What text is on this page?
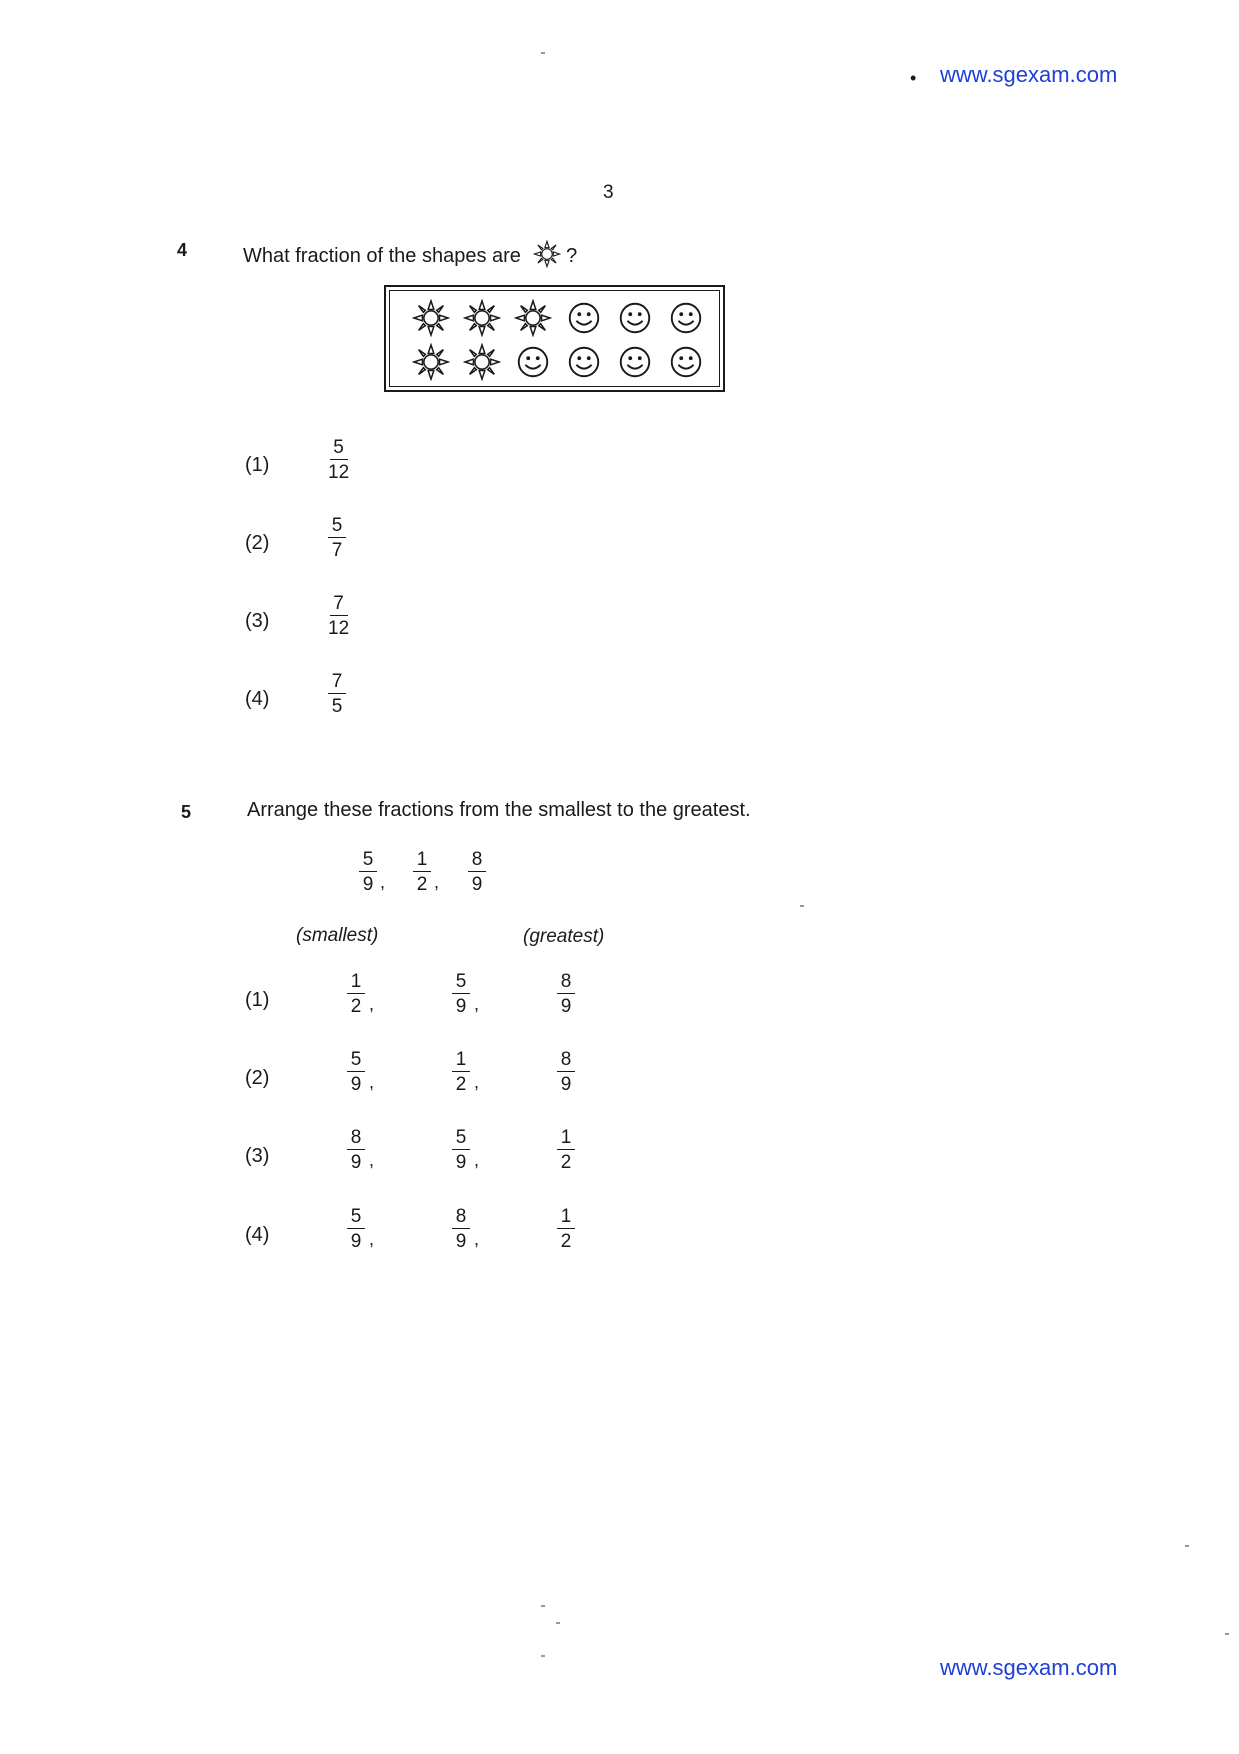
• www.sgexam.com
3
4	What fraction of the shapes are ?
(1)	$\frac{5}{12}$
(2)	$\frac{5}{7}$
(3)	$\frac{7}{12}$
(4)	$\frac{7}{5}$
5	Arrange these fractions from the smallest to the greatest.
$\frac{5}{9}$ , $\frac{1}{2}$ , $\frac{8}{9}$
(smallest)	(greatest)
(1)	$\frac{1}{2}$ ,	$\frac{5}{9}$ ,	$\frac{8}{9}$
(2)	$\frac{5}{9}$ ,	$\frac{1}{2}$ ,	$\frac{8}{9}$
(3)	$\frac{8}{9}$ ,	$\frac{5}{9}$ ,	$\frac{1}{2}$
(4)	$\frac{5}{9}$ ,	$\frac{8}{9}$ ,	$\frac{1}{2}$
www.sgexam.com
